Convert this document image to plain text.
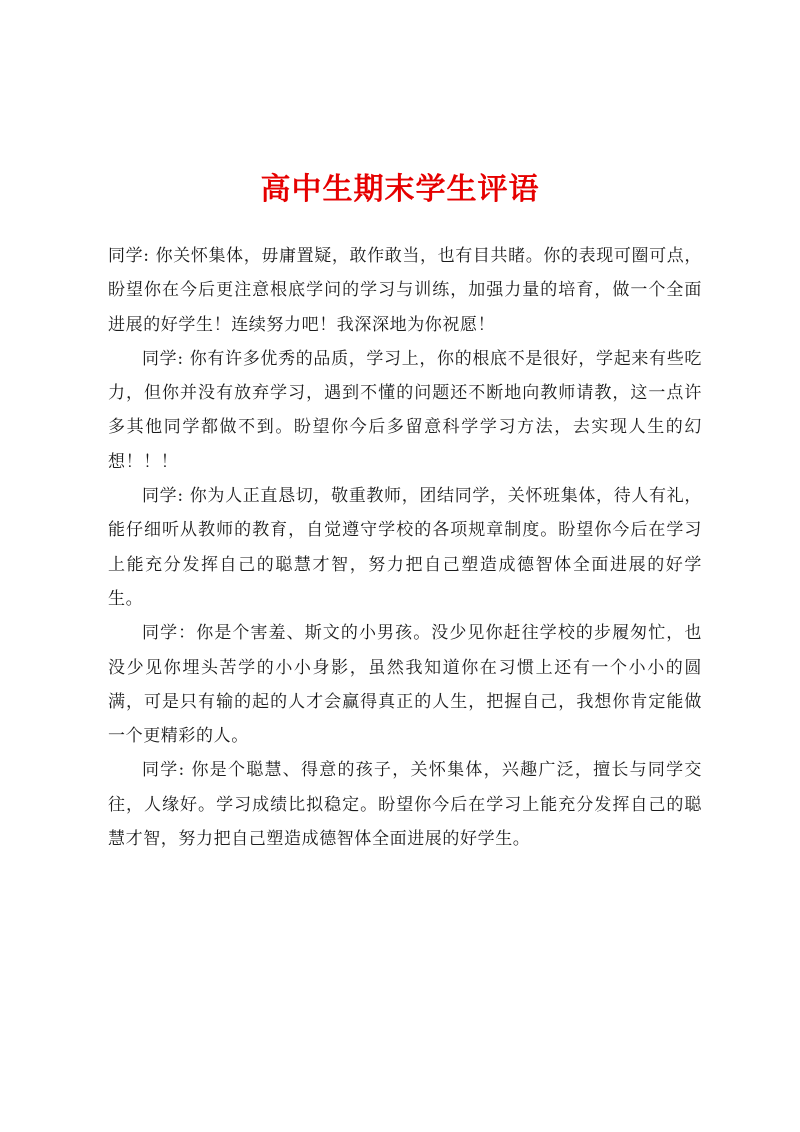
高中生期末学生评语

同学: 你关怀集体，毋庸置疑，敢作敢当，也有目共睹。你的表现可圈可点，盼望你在今后更注意根底学问的学习与训练，加强力量的培育，做一个全面进展的好学生！连续努力吧！我深深地为你祝愿！

同学: 你有许多优秀的品质，学习上，你的根底不是很好，学起来有些吃力，但你并没有放弃学习，遇到不懂的问题还不断地向教师请教，这一点许多其他同学都做不到。盼望你今后多留意科学学习方法，去实现人生的幻想！！！

同学: 你为人正直恳切，敬重教师，团结同学，关怀班集体，待人有礼，能仔细听从教师的教育，自觉遵守学校的各项规章制度。盼望你今后在学习上能充分发挥自己的聪慧才智，努力把自己塑造成德智体全面进展的好学生。

同学：你是个害羞、斯文的小男孩。没少见你赶往学校的步履匆忙，也没少见你埋头苦学的小小身影，虽然我知道你在习惯上还有一个小小的圆满，可是只有输的起的人才会赢得真正的人生，把握自己，我想你肯定能做一个更精彩的人。

同学: 你是个聪慧、得意的孩子，关怀集体，兴趣广泛，擅长与同学交往，人缘好。学习成绩比拟稳定。盼望你今后在学习上能充分发挥自己的聪慧才智，努力把自己塑造成德智体全面进展的好学生。
